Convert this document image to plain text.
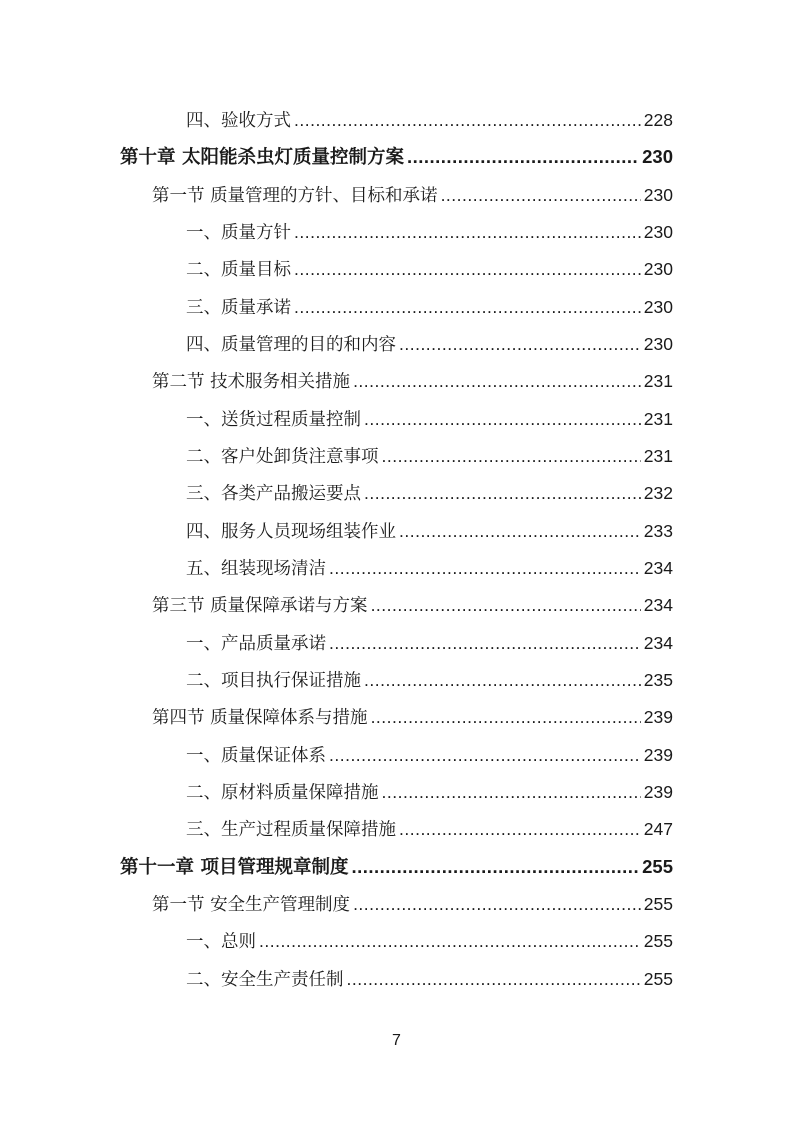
四、验收方式 .....	228
第十章 太阳能杀虫灯质量控制方案 .....	230
第一节 质量管理的方针、目标和承诺 .....	230
一、质量方针 .....	230
二、质量目标 .....	230
三、质量承诺 .....	230
四、质量管理的目的和内容 .....	230
第二节 技术服务相关措施 .....	231
一、送货过程质量控制 .....	231
二、客户处卸货注意事项 .....	231
三、各类产品搬运要点 .....	232
四、服务人员现场组装作业 .....	233
五、组装现场清洁 .....	234
第三节 质量保障承诺与方案 .....	234
一、产品质量承诺 .....	234
二、项目执行保证措施 .....	235
第四节 质量保障体系与措施 .....	239
一、质量保证体系 .....	239
二、原材料质量保障措施 .....	239
三、生产过程质量保障措施 .....	247
第十一章 项目管理规章制度 .....	255
第一节 安全生产管理制度 .....	255
一、总则 .....	255
二、安全生产责任制 .....	255
7
